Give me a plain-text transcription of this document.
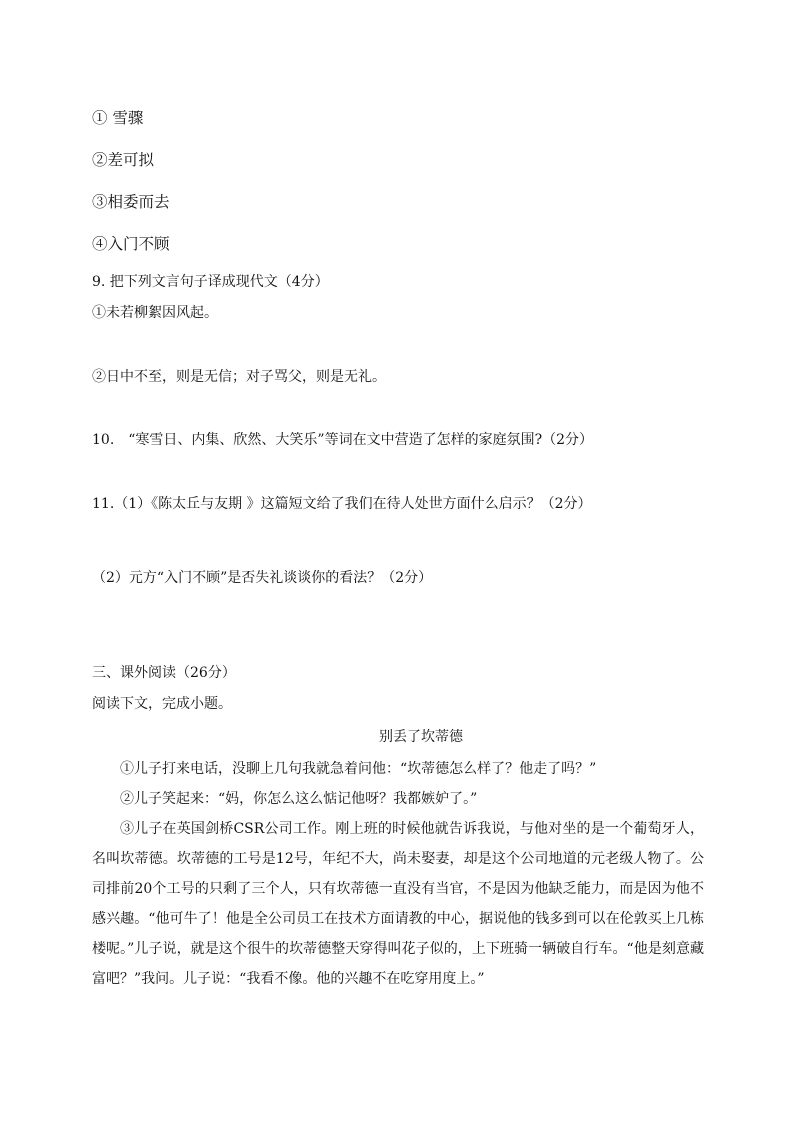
① 雪骤
②差可拟
③相委而去
④入门不顾
9. 把下列文言句子译成现代文（4分）
①未若柳絮因风起。
②日中不至，则是无信；对子骂父，则是无礼。
10.　“寒雪日、内集、欣然、大笑乐”等词在文中营造了怎样的家庭氛围?（2分）
11.（1）《陈太丘与友期 》这篇短文给了我们在待人处世方面什么启示？（2分）
（2）元方“入门不顾”是否失礼谈谈你的看法？（2分）
三、课外阅读（26分）
阅读下文，完成小题。
别丢了坎蒂德

①儿子打来电话，没聊上几句我就急着问他：“坎蒂德怎么样了？他走了吗？”

②儿子笑起来：“妈，你怎么这么惦记他呀？我都嫉妒了。”

③儿子在英国剑桥CSR公司工作。刚上班的时候他就告诉我说，与他对坐的是一个葡萄牙人，名叫坎蒂德。坎蒂德的工号是12号，年纪不大，尚未娶妻，却是这个公司地道的元老级人物了。公司排前20个工号的只剩了三个人，只有坎蒂德一直没有当官，不是因为他缺乏能力，而是因为他不感兴趣。“他可牛了！他是全公司员工在技术方面请教的中心，据说他的钱多到可以在伦敦买上几栋楼呢。”儿子说，就是这个很牛的坎蒂德整天穿得叫花子似的，上下班骑一辆破自行车。“他是刻意藏富吧？”我问。儿子说：“我看不像。他的兴趣不在吃穿用度上。”
